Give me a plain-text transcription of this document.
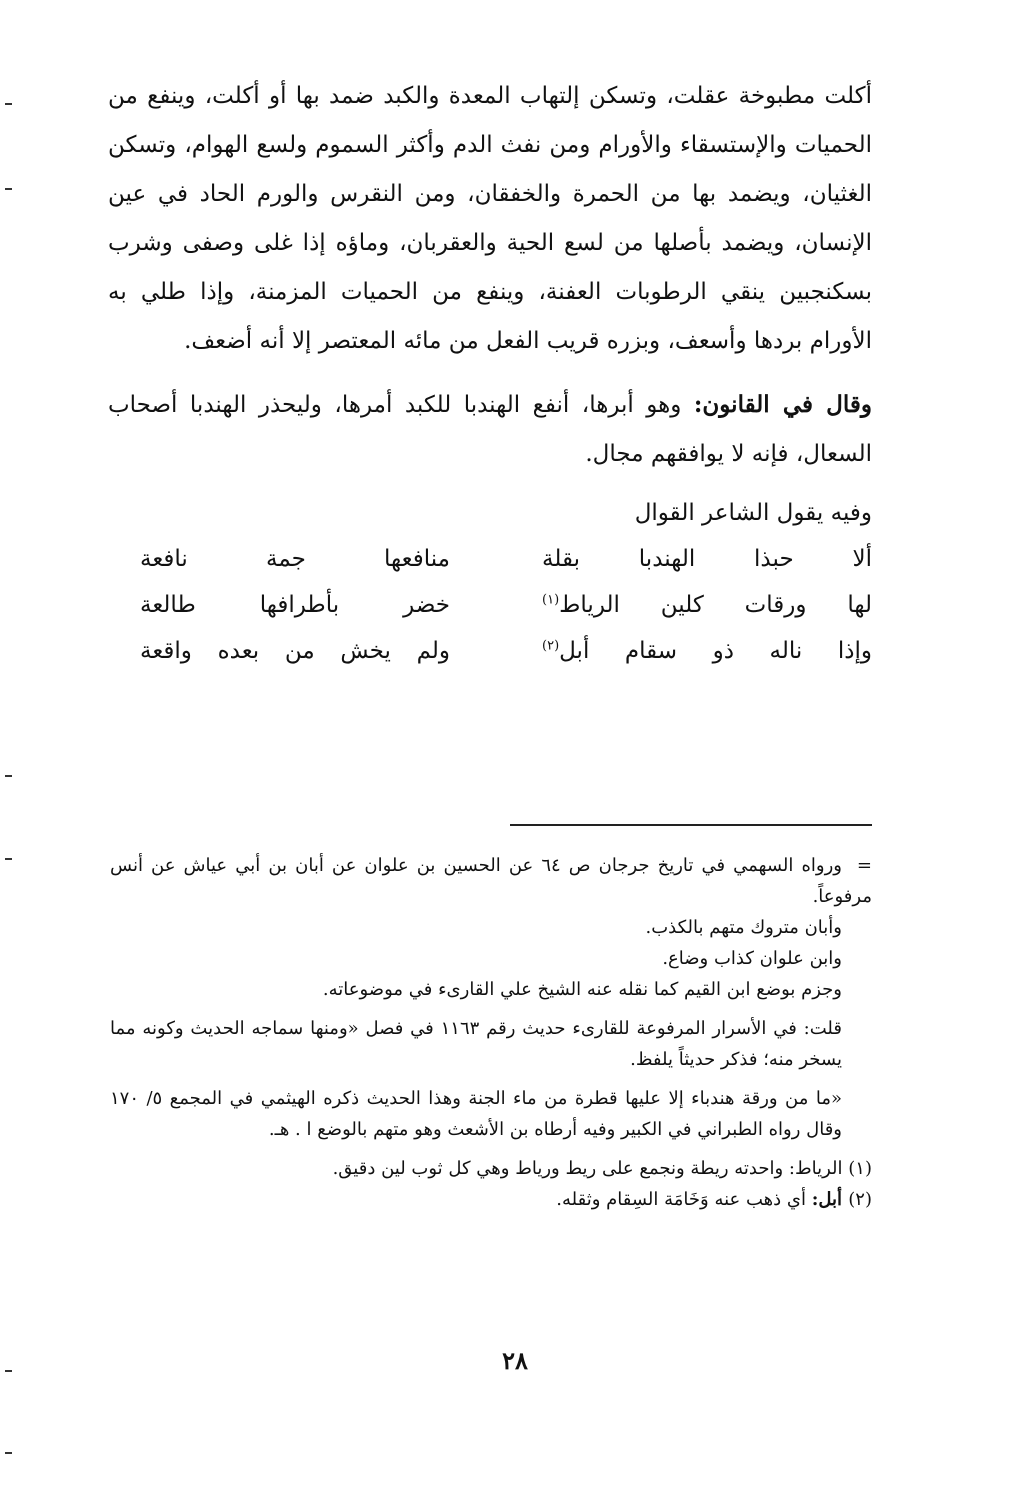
أكلت مطبوخة عقلت، وتسكن إلتهاب المعدة والكبد ضمد بها أو أكلت، وينفع من الحميات والإستسقاء والأورام ومن نفث الدم وأكثر السموم ولسع الهوام، وتسكن الغثيان، ويضمد بها من الحمرة والخفقان، ومن النقرس والورم الحاد في عين الإنسان، ويضمد بأصلها من لسع الحية والعقربان، وماؤه إذا غلى وصفى وشرب بسكنجبين ينقي الرطوبات العفنة، وينفع من الحميات المزمنة، وإذا طلي به الأورام بردها وأسعف، وبزره قريب الفعل من مائه المعتصر إلا أنه أضعف.

وقال في القانون: وهو أبرها، أنفع الهندبا للكبد أمرها، وليحذر الهندبا أصحاب السعال، فإنه لا يوافقهم مجال.

وفيه يقول الشاعر القوال

ألا حبذا الهندبا بقلة
منافعها جمة نافعة
لها ورقات كلين الرياط$^{(١)}$
خضر بأطرافها طالعة
وإذا ناله ذو سقام أبل$^{(٢)}$
ولم يخش من بعده واقعة

=ورواه السهمي في تاريخ جرجان ص ٦٤ عن الحسين بن علوان عن أبان بن أبي عياش عن أنس مرفوعاً.

وأبان متروك متهم بالكذب.

وابن علوان كذاب وضاع.

وجزم بوضع ابن القيم كما نقله عنه الشيخ علي القارىء في موضوعاته.

قلت: في الأسرار المرفوعة للقارىء حديث رقم ١١٦٣ في فصل «ومنها سماجه الحديث وكونه مما يسخر منه؛ فذكر حديثاً يلفظ.

«ما من ورقة هندباء إلا عليها قطرة من ماء الجنة وهذا الحديث ذكره الهيثمي في المجمع ٥/ ١٧٠ وقال رواه الطبراني في الكبير وفيه أرطاه بن الأشعث وهو متهم بالوضع ا . هـ.

(١) الرياط: واحدته ريطة ونجمع على ريط ورياط وهي كل ثوب لين دقيق.

(٢) أبل: أي ذهب عنه وَخَامَة السِقام وثقله.

٢٨
